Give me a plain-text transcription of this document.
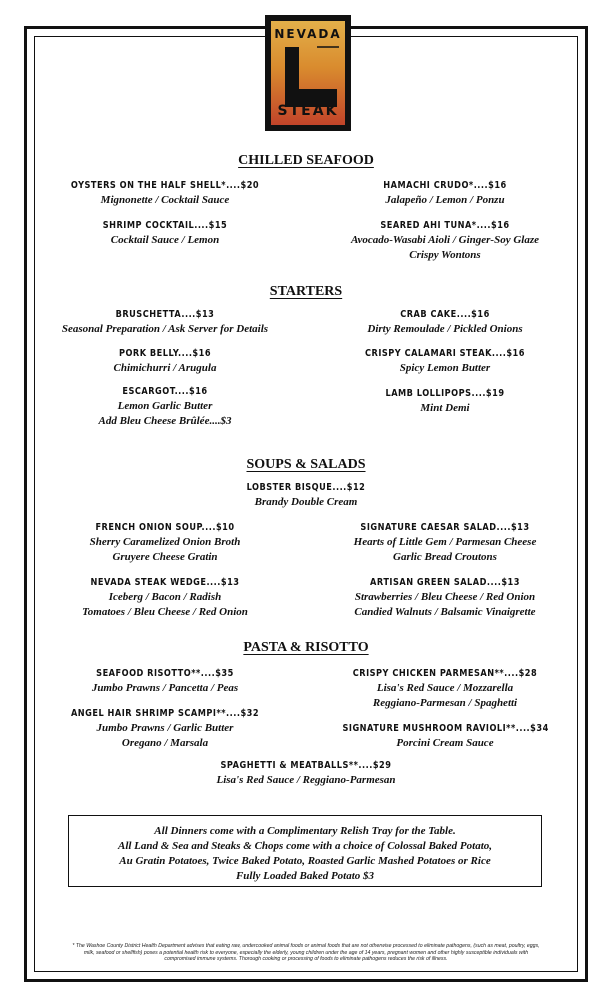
NEVADA
STEAK
CHILLED SEAFOOD
OYSTERS ON THE HALF SHELL*....$20
Mignonette / Cocktail Sauce
HAMACHI CRUDO*....$16
Jalapeño / Lemon / Ponzu
SHRIMP COCKTAIL....$15
Cocktail Sauce / Lemon
SEARED AHI TUNA*....$16
Avocado-Wasabi Aioli / Ginger-Soy Glaze
Crispy Wontons
STARTERS
BRUSCHETTA....$13
Seasonal Preparation / Ask Server for Details
CRAB CAKE....$16
Dirty Remoulade / Pickled Onions
PORK BELLY....$16
Chimichurri / Arugula
CRISPY CALAMARI STEAK....$16
Spicy Lemon Butter
ESCARGOT....$16
Lemon Garlic Butter
Add Bleu Cheese Brûlée....$3
LAMB LOLLIPOPS....$19
Mint Demi
SOUPS & SALADS
LOBSTER BISQUE....$12
Brandy Double Cream
FRENCH ONION SOUP....$10
Sherry Caramelized Onion Broth
Gruyere Cheese Gratin
SIGNATURE CAESAR SALAD....$13
Hearts of Little Gem / Parmesan Cheese
Garlic Bread Croutons
NEVADA STEAK WEDGE....$13
Iceberg / Bacon / Radish
Tomatoes / Bleu Cheese / Red Onion
ARTISAN GREEN SALAD....$13
Strawberries / Bleu Cheese / Red Onion
Candied Walnuts / Balsamic Vinaigrette
PASTA & RISOTTO
SEAFOOD RISOTTO**....$35
Jumbo Prawns / Pancetta / Peas
CRISPY CHICKEN PARMESAN**....$28
Lisa's Red Sauce / Mozzarella
Reggiano-Parmesan / Spaghetti
ANGEL HAIR SHRIMP SCAMPI**....$32
Jumbo Prawns / Garlic Butter
Oregano / Marsala
SIGNATURE MUSHROOM RAVIOLI**....$34
Porcini Cream Sauce
SPAGHETTI & MEATBALLS**....$29
Lisa's Red Sauce / Reggiano-Parmesan
All Dinners come with a Complimentary Relish Tray for the Table.
All Land & Sea and Steaks & Chops come with a choice of Colossal Baked Potato,
Au Gratin Potatoes, Twice Baked Potato, Roasted Garlic Mashed Potatoes or Rice
Fully Loaded Baked Potato $3
* The Washoe County District Health Department advises that eating raw, undercooked animal foods or animal foods that are not otherwise processed to eliminate pathogens, (such as meat, poultry, eggs,
milk, seafood or shellfish) poses a potential health risk to everyone, especially the elderly, young children under the age of 14 years, pregnant women and other highly susceptible individuals with
compromised immune systems. Thorough cooking or processing of foods to eliminate pathogens reduces the risk of illness.
